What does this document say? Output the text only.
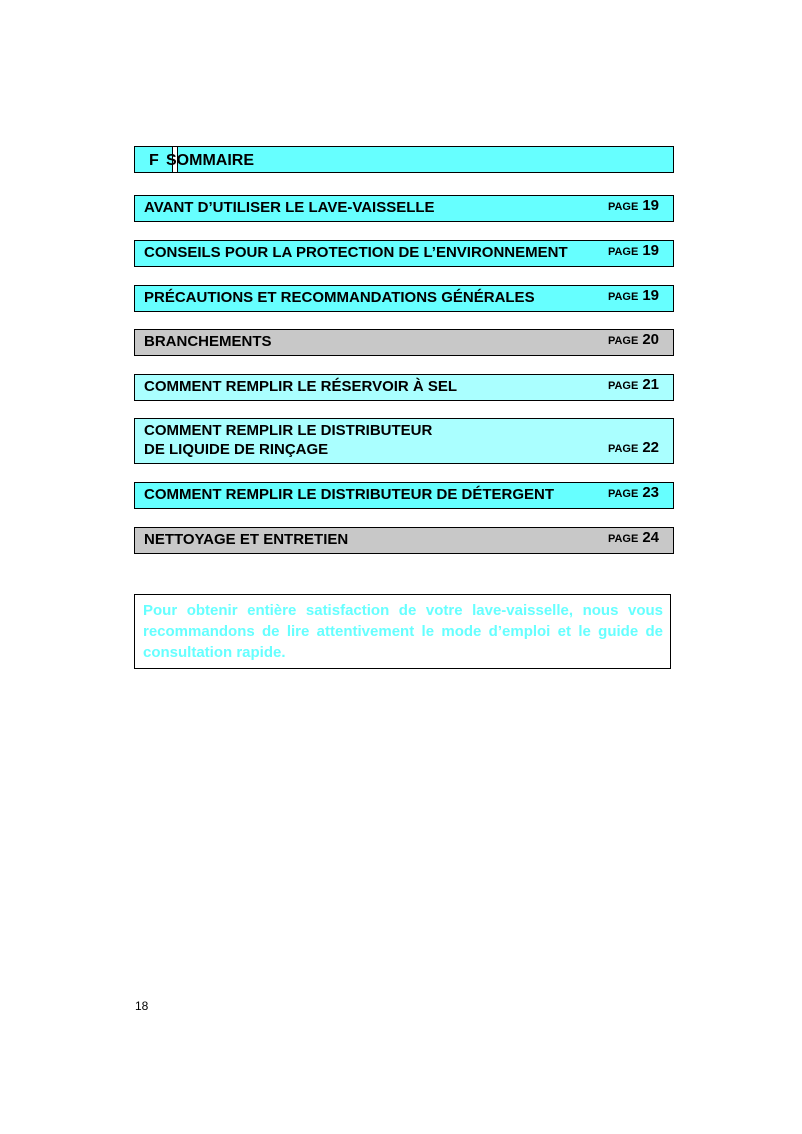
F SOMMAIRE
AVANT D’UTILISER LE LAVE-VAISSELLE	PAGE 19
CONSEILS POUR LA PROTECTION DE L’ENVIRONNEMENT	PAGE 19
PRÉCAUTIONS ET RECOMMANDATIONS GÉNÉRALES	PAGE 19
BRANCHEMENTS	PAGE 20
COMMENT REMPLIR LE RÉSERVOIR À SEL	PAGE 21
COMMENT REMPLIR LE DISTRIBUTEUR
DE LIQUIDE DE RINÇAGE	PAGE 22
COMMENT REMPLIR LE DISTRIBUTEUR DE DÉTERGENT	PAGE 23
NETTOYAGE ET ENTRETIEN	PAGE 24

Pour obtenir entière satisfaction de votre lave-vaisselle, nous vous recommandons de lire attentivement le mode d’emploi et le guide de consultation rapide.

18
